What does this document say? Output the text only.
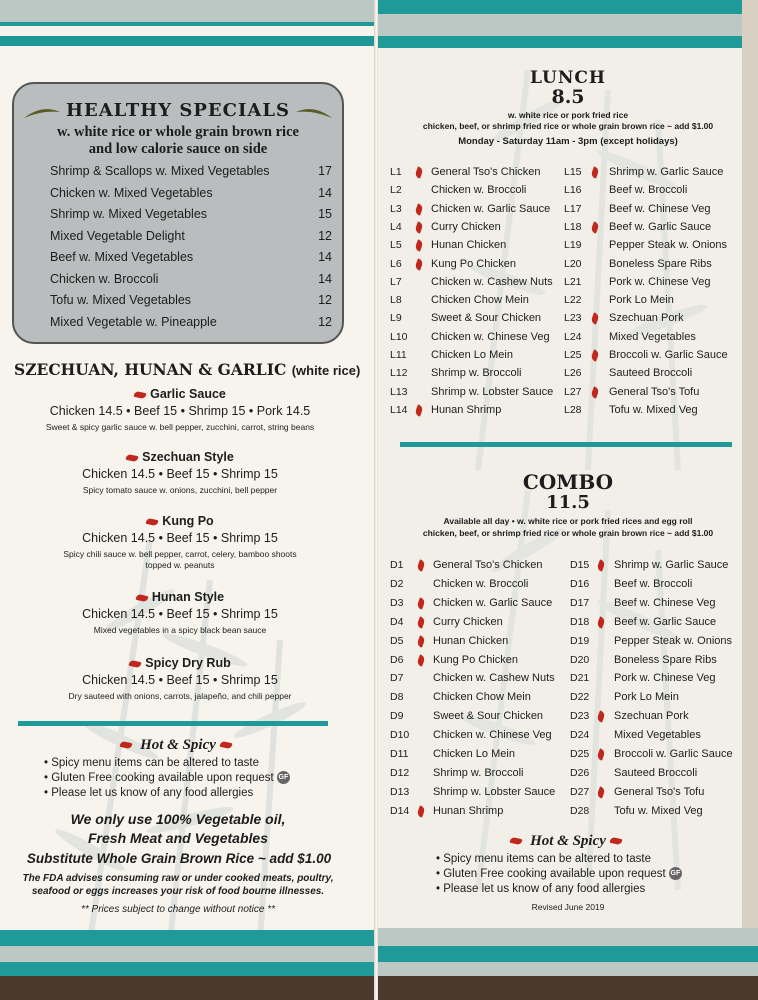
HEALTHY SPECIALS
w. white rice or whole grain brown rice
and low calorie sauce on side
Shrimp & Scallops w. Mixed Vegetables	17
Chicken w. Mixed Vegetables	14
Shrimp w. Mixed Vegetables	15
Mixed Vegetable Delight	12
Beef w. Mixed Vegetables	14
Chicken w. Broccoli	14
Tofu w. Mixed Vegetables	12
Mixed Vegetable w. Pineapple	12
SZECHUAN, HUNAN & GARLIC (white rice)
Garlic Sauce
Chicken 14.5 • Beef 15 • Shrimp 15 • Pork 14.5
Sweet & spicy garlic sauce w. bell pepper, zucchini, carrot, string beans
Szechuan Style
Chicken 14.5 • Beef 15 • Shrimp 15
Spicy tomato sauce w. onions, zucchini, bell pepper
Kung Po
Chicken 14.5 • Beef 15 • Shrimp 15
Spicy chili sauce w. bell pepper, carrot, celery, bamboo shoots
topped w. peanuts
Hunan Style
Chicken 14.5 • Beef 15 • Shrimp 15
Mixed vegetables in a spicy black bean sauce
Spicy Dry Rub
Chicken 14.5 • Beef 15 • Shrimp 15
Dry sauteed with onions, carrots, jalapeño, and chili pepper
Hot & Spicy
• Spicy menu items can be altered to taste
• Gluten Free cooking available upon request GF
• Please let us know of any food allergies
We only use 100% Vegetable oil,
Fresh Meat and Vegetables
Substitute Whole Grain Brown Rice ~ add $1.00
The FDA advises consuming raw or under cooked meats, poultry,
seafood or eggs increases your risk of food bourne illnesses.
** Prices subject to change without notice **
LUNCH
8.5
w. white rice or pork fried rice
chicken, beef, or shrimp fried rice or whole grain brown rice ~ add $1.00
Monday - Saturday 11am - 3pm (except holidays)
L1	General Tso's Chicken
L2	Chicken w. Broccoli
L3	Chicken w. Garlic Sauce
L4	Curry Chicken
L5	Hunan Chicken
L6	Kung Po Chicken
L7	Chicken w. Cashew Nuts
L8	Chicken Chow Mein
L9	Sweet & Sour Chicken
L10 Chicken w. Chinese Veg
L11 Chicken Lo Mein
L12 Shrimp w. Broccoli
L13 Shrimp w. Lobster Sauce
L14 Hunan Shrimp
L15 Shrimp w. Garlic Sauce
L16 Beef w. Broccoli
L17 Beef w. Chinese Veg
L18 Beef w. Garlic Sauce
L19 Pepper Steak w. Onions
L20 Boneless Spare Ribs
L21 Pork w. Chinese Veg
L22 Pork Lo Mein
L23 Szechuan Pork
L24 Mixed Vegetables
L25 Broccoli w. Garlic Sauce
L26 Sauteed Broccoli
L27 General Tso's Tofu
L28 Tofu w. Mixed Veg
COMBO
11.5
Available all day • w. white rice or pork fried rices and egg roll
chicken, beef, or shrimp fried rice or whole grain brown rice ~ add $1.00
D1	General Tso's Chicken
D2	Chicken w. Broccoli
D3	Chicken w. Garlic Sauce
D4	Curry Chicken
D5	Hunan Chicken
D6	Kung Po Chicken
D7	Chicken w. Cashew Nuts
D8	Chicken Chow Mein
D9	Sweet & Sour Chicken
D10 Chicken w. Chinese Veg
D11 Chicken Lo Mein
D12 Shrimp w. Broccoli
D13 Shrimp w. Lobster Sauce
D14 Hunan Shrimp
D15 Shrimp w. Garlic Sauce
D16 Beef w. Broccoli
D17 Beef w. Chinese Veg
D18 Beef w. Garlic Sauce
D19 Pepper Steak w. Onions
D20 Boneless Spare Ribs
D21 Pork w. Chinese Veg
D22 Pork Lo Mein
D23 Szechuan Pork
D24 Mixed Vegetables
D25 Broccoli w. Garlic Sauce
D26 Sauteed Broccoli
D27 General Tso's Tofu
D28 Tofu w. Mixed Veg
Hot & Spicy
• Spicy menu items can be altered to taste
• Gluten Free cooking available upon request GF
• Please let us know of any food allergies
Revised June 2019
